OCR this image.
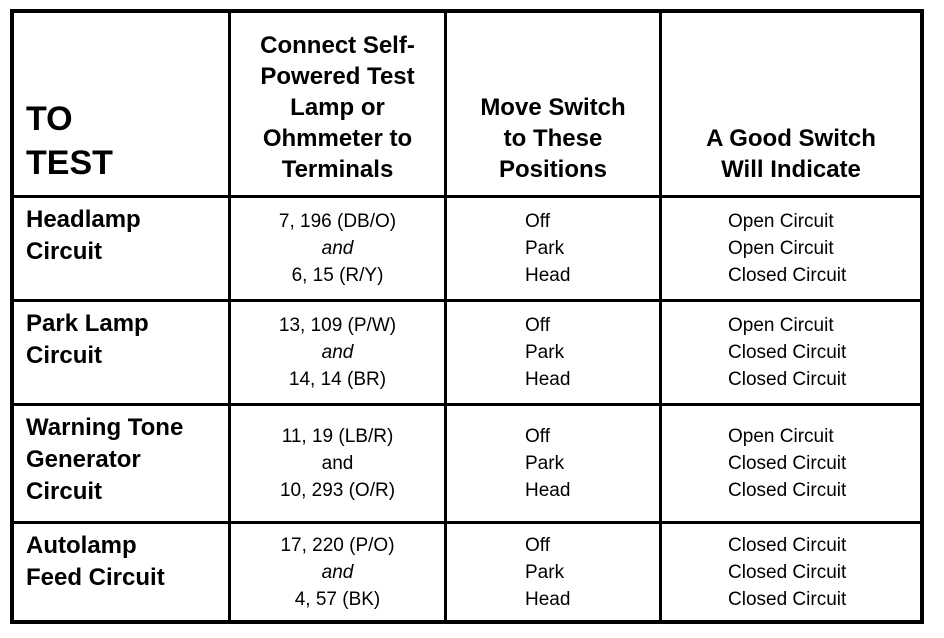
TO
TEST
Connect Self-
Powered Test
Lamp or
Ohmmeter to
Terminals
Move Switch
to These
Positions
A Good Switch
Will Indicate
Headlamp
Circuit
7, 196 (DB/O)
and
6, 15 (R/Y)
Off
Park
Head
Open Circuit
Open Circuit
Closed Circuit
Park Lamp
Circuit
13, 109 (P/W)
and
14, 14 (BR)
Off
Park
Head
Open Circuit
Closed Circuit
Closed Circuit
Warning Tone
Generator
Circuit
11, 19 (LB/R)
and
10, 293 (O/R)
Off
Park
Head
Open Circuit
Closed Circuit
Closed Circuit
Autolamp
Feed Circuit
17, 220 (P/O)
and
4, 57 (BK)
Off
Park
Head
Closed Circuit
Closed Circuit
Closed Circuit
